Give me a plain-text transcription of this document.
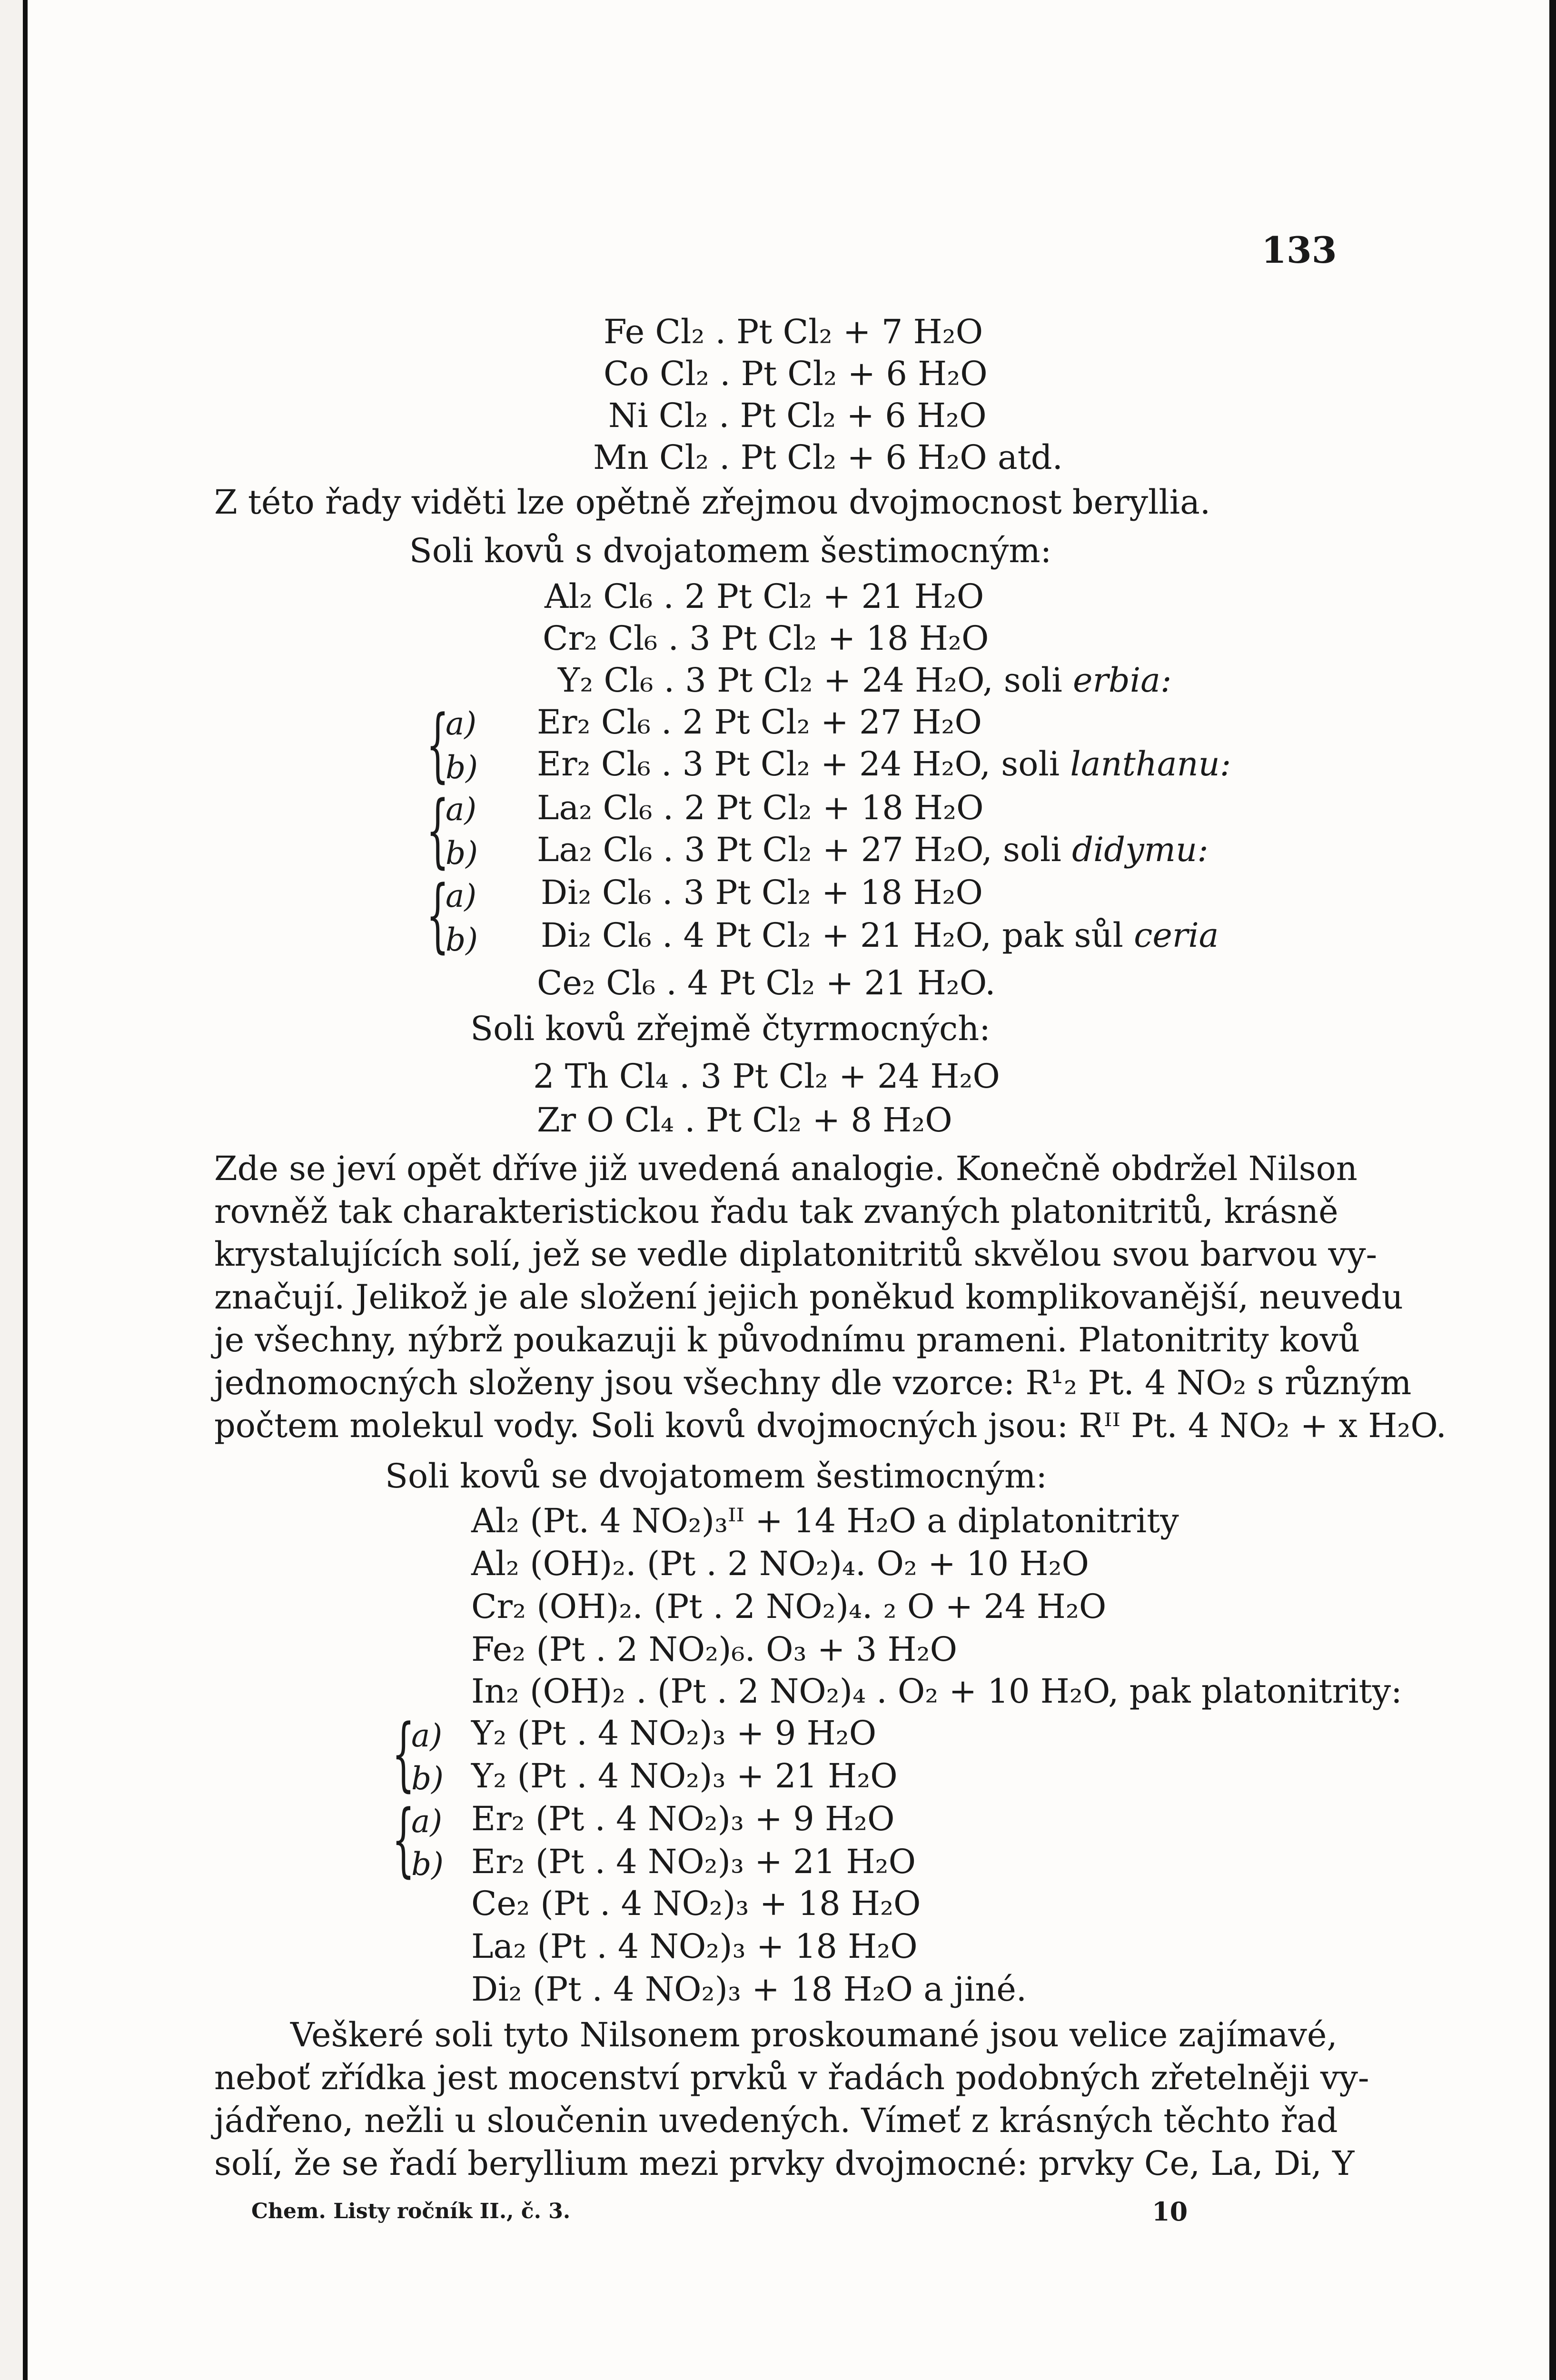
133
Fe Cl₂ . Pt Cl₂ + 7 H₂O
Co Cl₂ . Pt Cl₂ + 6 H₂O
Ni Cl₂ . Pt Cl₂ + 6 H₂O
Mn Cl₂ . Pt Cl₂ + 6 H₂O atd.
Z této řady viděti lze opětně zřejmou dvojmocnost beryllia.
Soli kovů s dvojatomem šestimocným:
Al₂ Cl₆ . 2 Pt Cl₂ + 21 H₂O
Cr₂ Cl₆ . 3 Pt Cl₂ + 18 H₂O
Y₂ Cl₆ . 3 Pt Cl₂ + 24 H₂O, soli erbia:
{
a)
b)
Er₂ Cl₆ . 2 Pt Cl₂ + 27 H₂O
Er₂ Cl₆ . 3 Pt Cl₂ + 24 H₂O, soli lanthanu:
{
a)
b)
La₂ Cl₆ . 2 Pt Cl₂ + 18 H₂O
La₂ Cl₆ . 3 Pt Cl₂ + 27 H₂O, soli didymu:
{
a)
b)
Di₂ Cl₆ . 3 Pt Cl₂ + 18 H₂O
Di₂ Cl₆ . 4 Pt Cl₂ + 21 H₂O, pak sůl ceria
Ce₂ Cl₆ . 4 Pt Cl₂ + 21 H₂O.
Soli kovů zřejmě čtyrmocných:
2 Th Cl₄ . 3 Pt Cl₂ + 24 H₂O
Zr O Cl₄ . Pt Cl₂ + 8 H₂O
Zde se jeví opět dříve již uvedená analogie. Konečně obdržel Nilson
rovněž tak charakteristickou řadu tak zvaných platonitritů, krásně
krystalujících solí, jež se vedle diplatonitritů skvělou svou barvou vy-
značují. Jelikož je ale složení jejich poněkud komplikovanější, neuvedu
je všechny, nýbrž poukazuji k původnímu prameni. Platonitrity kovů
jednomocných složeny jsou všechny dle vzorce: R¹₂ Pt. 4 NO₂ s různým
počtem molekul vody. Soli kovů dvojmocných jsou: Rᴵᴵ Pt. 4 NO₂ + x H₂O.
Soli kovů se dvojatomem šestimocným:
Al₂ (Pt. 4 NO₂)₃ᴵᴵ + 14 H₂O a diplatonitrity
Al₂ (OH)₂. (Pt . 2 NO₂)₄. O₂ + 10 H₂O
Cr₂ (OH)₂. (Pt . 2 NO₂)₄. ₂ O + 24 H₂O
Fe₂ (Pt . 2 NO₂)₆. O₃ + 3 H₂O
In₂ (OH)₂ . (Pt . 2 NO₂)₄ . O₂ + 10 H₂O, pak platonitrity:
{
a)
b)
Y₂ (Pt . 4 NO₂)₃ + 9 H₂O
Y₂ (Pt . 4 NO₂)₃ + 21 H₂O
{
a)
b)
Er₂ (Pt . 4 NO₂)₃ + 9 H₂O
Er₂ (Pt . 4 NO₂)₃ + 21 H₂O
Ce₂ (Pt . 4 NO₂)₃ + 18 H₂O
La₂ (Pt . 4 NO₂)₃ + 18 H₂O
Di₂ (Pt . 4 NO₂)₃ + 18 H₂O a jiné.
Veškeré soli tyto Nilsonem proskoumané jsou velice zajímavé,
neboť zřídka jest mocenství prvků v řadách podobných zřetelněji vy-
jádřeno, nežli u sloučenin uvedených. Vímeť z krásných těchto řad
solí, že se řadí beryllium mezi prvky dvojmocné: prvky Ce, La, Di, Y
Chem. Listy ročník II., č. 3.	10
